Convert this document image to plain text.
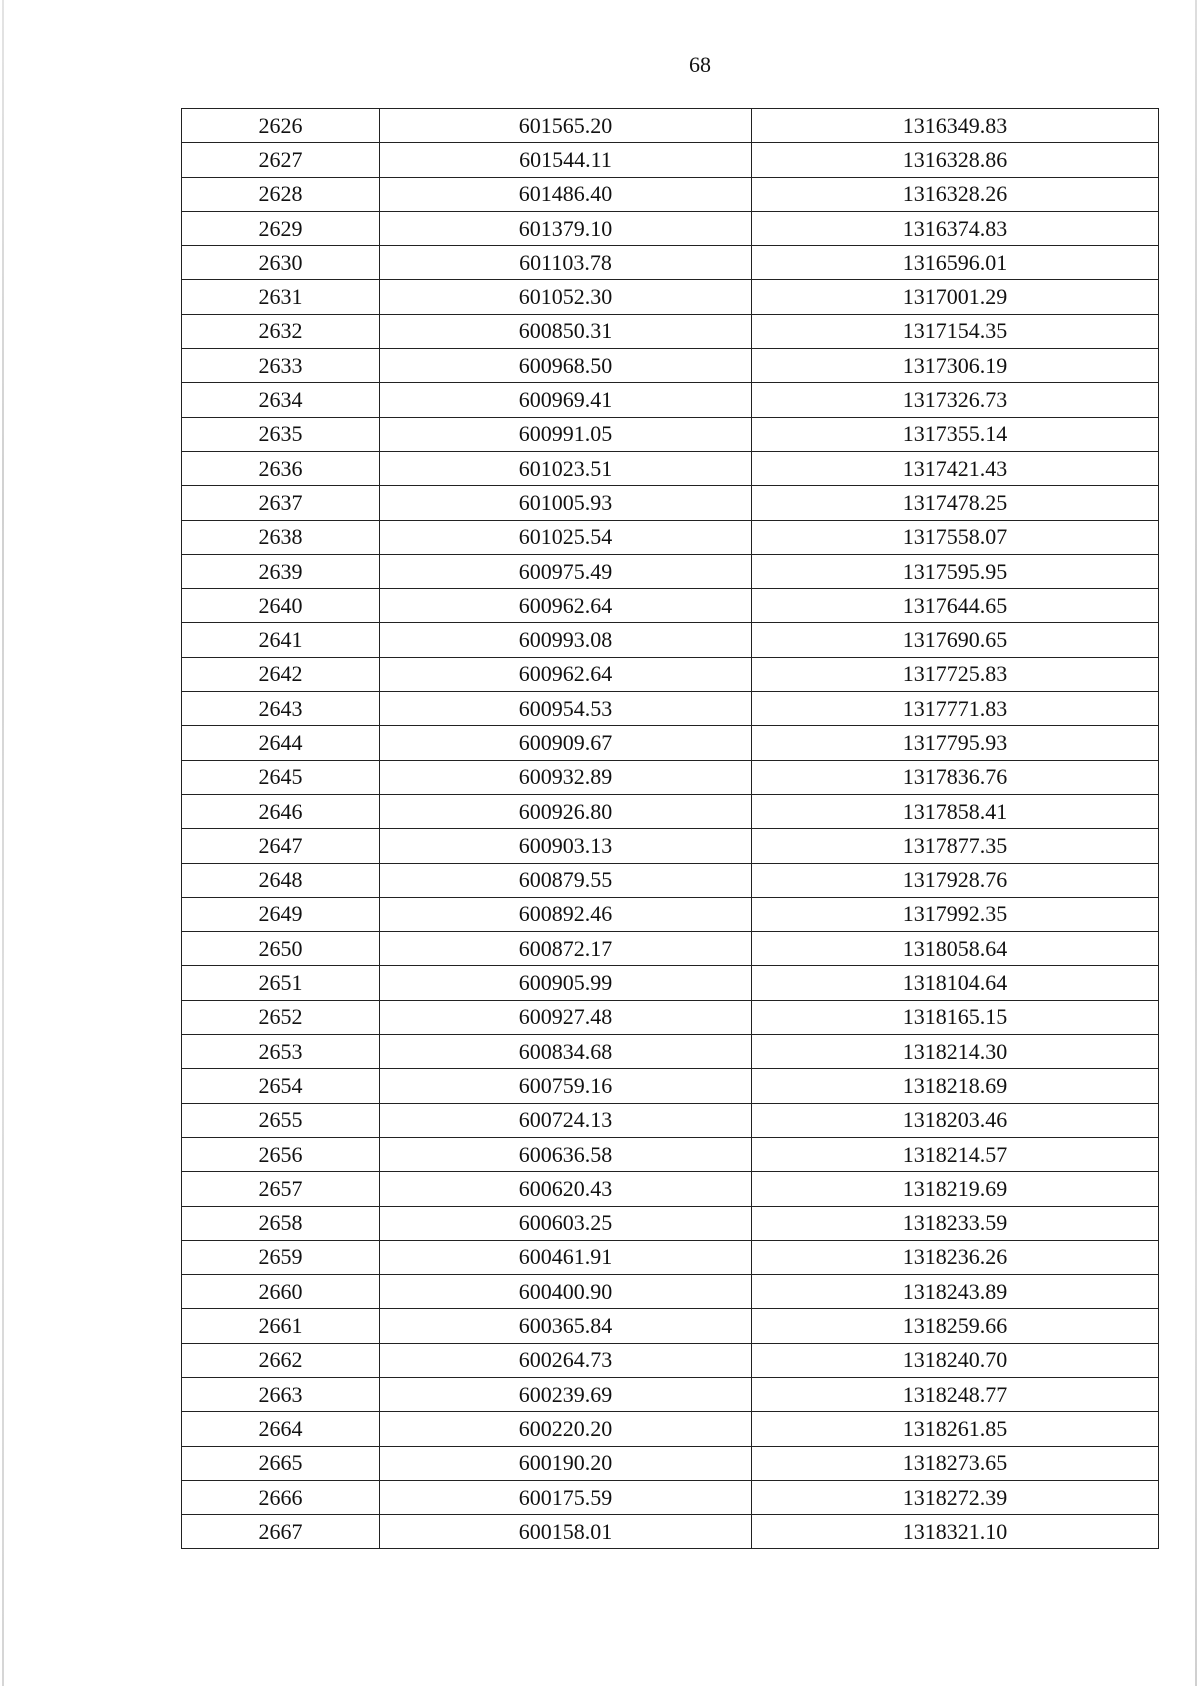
68
2626	601565.20	1316349.83
2627	601544.11	1316328.86
2628	601486.40	1316328.26
2629	601379.10	1316374.83
2630	601103.78	1316596.01
2631	601052.30	1317001.29
2632	600850.31	1317154.35
2633	600968.50	1317306.19
2634	600969.41	1317326.73
2635	600991.05	1317355.14
2636	601023.51	1317421.43
2637	601005.93	1317478.25
2638	601025.54	1317558.07
2639	600975.49	1317595.95
2640	600962.64	1317644.65
2641	600993.08	1317690.65
2642	600962.64	1317725.83
2643	600954.53	1317771.83
2644	600909.67	1317795.93
2645	600932.89	1317836.76
2646	600926.80	1317858.41
2647	600903.13	1317877.35
2648	600879.55	1317928.76
2649	600892.46	1317992.35
2650	600872.17	1318058.64
2651	600905.99	1318104.64
2652	600927.48	1318165.15
2653	600834.68	1318214.30
2654	600759.16	1318218.69
2655	600724.13	1318203.46
2656	600636.58	1318214.57
2657	600620.43	1318219.69
2658	600603.25	1318233.59
2659	600461.91	1318236.26
2660	600400.90	1318243.89
2661	600365.84	1318259.66
2662	600264.73	1318240.70
2663	600239.69	1318248.77
2664	600220.20	1318261.85
2665	600190.20	1318273.65
2666	600175.59	1318272.39
2667	600158.01	1318321.10
